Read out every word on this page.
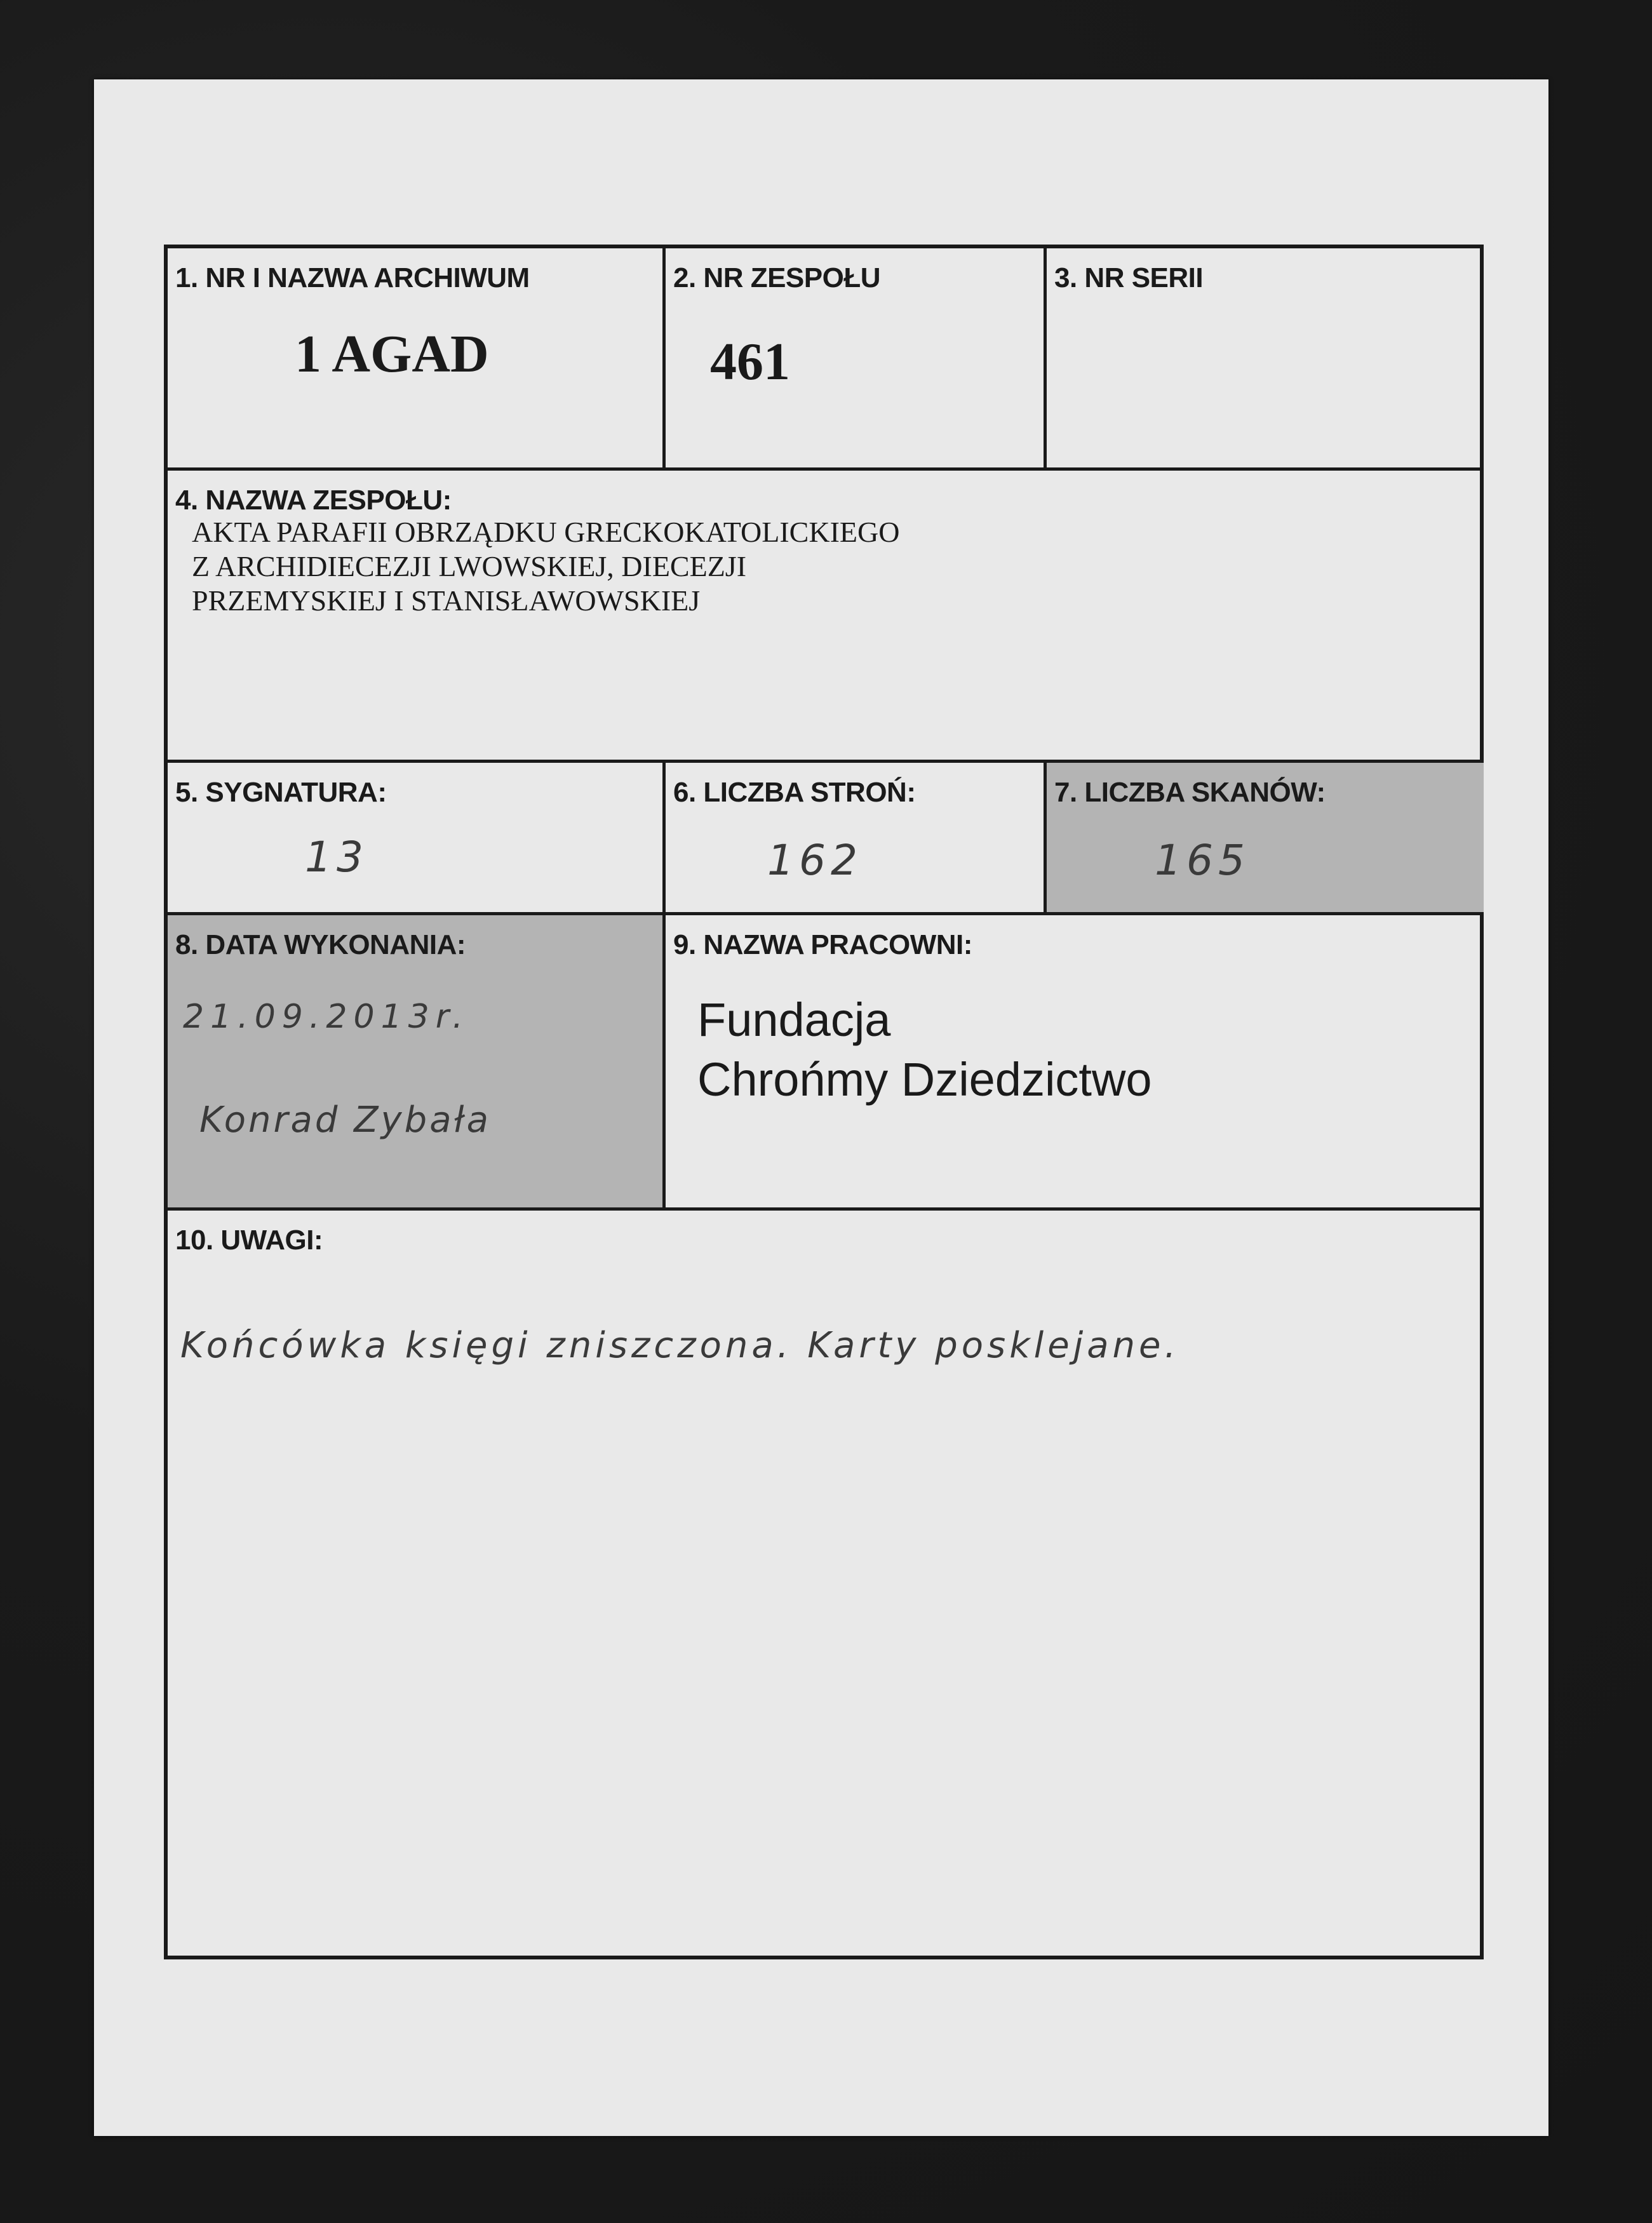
1. NR I NAZWA ARCHIWUM
1 AGAD
2. NR ZESPOŁU
461
3. NR SERII
4. NAZWA ZESPOŁU:
AKTA PARAFII OBRZĄDKU GRECKOKATOLICKIEGO
Z ARCHIDIECEZJI LWOWSKIEJ, DIECEZJI
PRZEMYSKIEJ I STANISŁAWOWSKIEJ
5. SYGNATURA:
13
6. LICZBA STROŃ:
162
7. LICZBA SKANÓW:
165
8. DATA WYKONANIA:
21.09.2013r.
Konrad Zybała
9. NAZWA PRACOWNI:
Fundacja
Chrońmy Dziedzictwo
10. UWAGI:
Końcówka księgi zniszczona. Karty posklejane.
